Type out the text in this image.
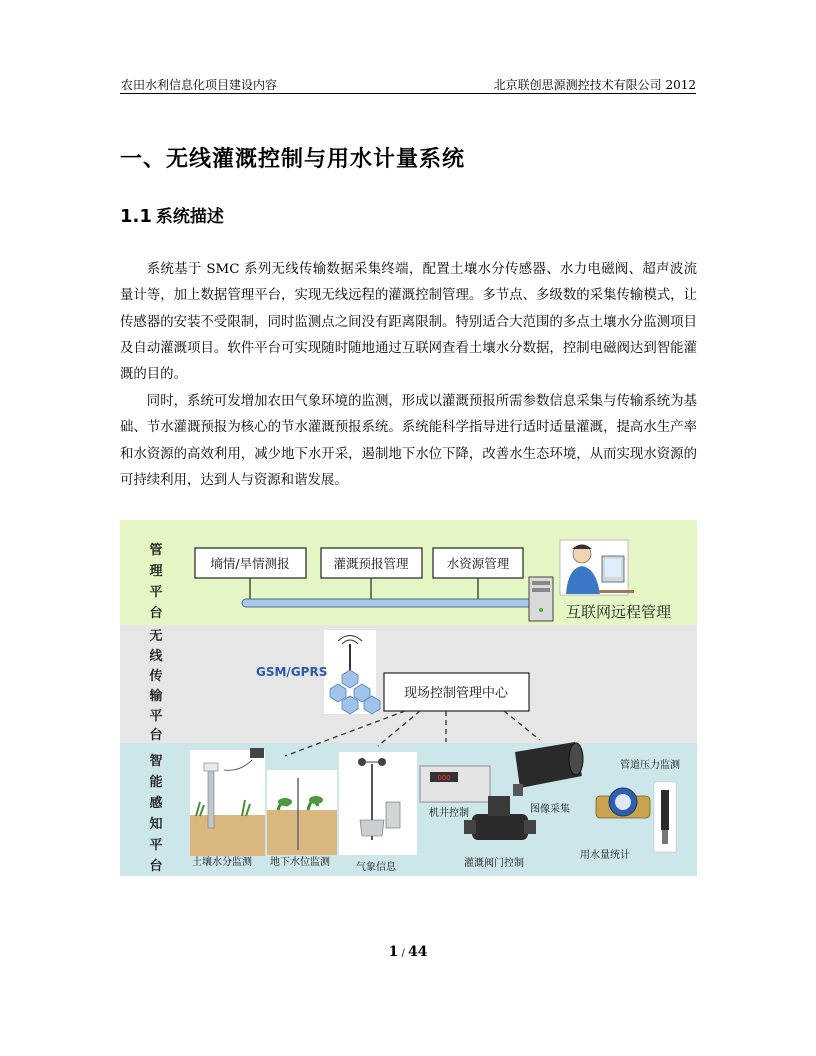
农田水利信息化项目建设内容	北京联创思源测控技术有限公司 2012
一、无线灌溉控制与用水计量系统
1.1 系统描述

系统基于 SMC 系列无线传输数据采集终端，配置土壤水分传感器、水力电磁阀、超声波流量计等，加上数据管理平台，实现无线远程的灌溉控制管理。多节点、多级数的采集传输模式，让传感器的安装不受限制，同时监测点之间没有距离限制。特别适合大范围的多点土壤水分监测项目及自动灌溉项目。软件平台可实现随时随地通过互联网查看土壤水分数据，控制电磁阀达到智能灌溉的目的。

同时，系统可发增加农田气象环境的监测，形成以灌溉预报所需参数信息采集与传输系统为基础、节水灌溉预报为核心的节水灌溉预报系统。系统能科学指导进行适时适量灌溉，提高水生产率和水资源的高效利用，减少地下水开采，遏制地下水位下降，改善水生态环境，从而实现水资源的可持续利用，达到人与资源和谐发展。

管
理
平
台
无
线
传
输
平
台
智
能
感
知
平
台
墒情/旱情测报	灌溉预报管理	水资源管理
互联网远程管理
GSM/GPRS
现场控制管理中心
000
土壤水分监测 地下水位监测	气象信息
机井控制	图像采集
灌溉阀门控制
用水量统计
管道压力监测
1 / 44
